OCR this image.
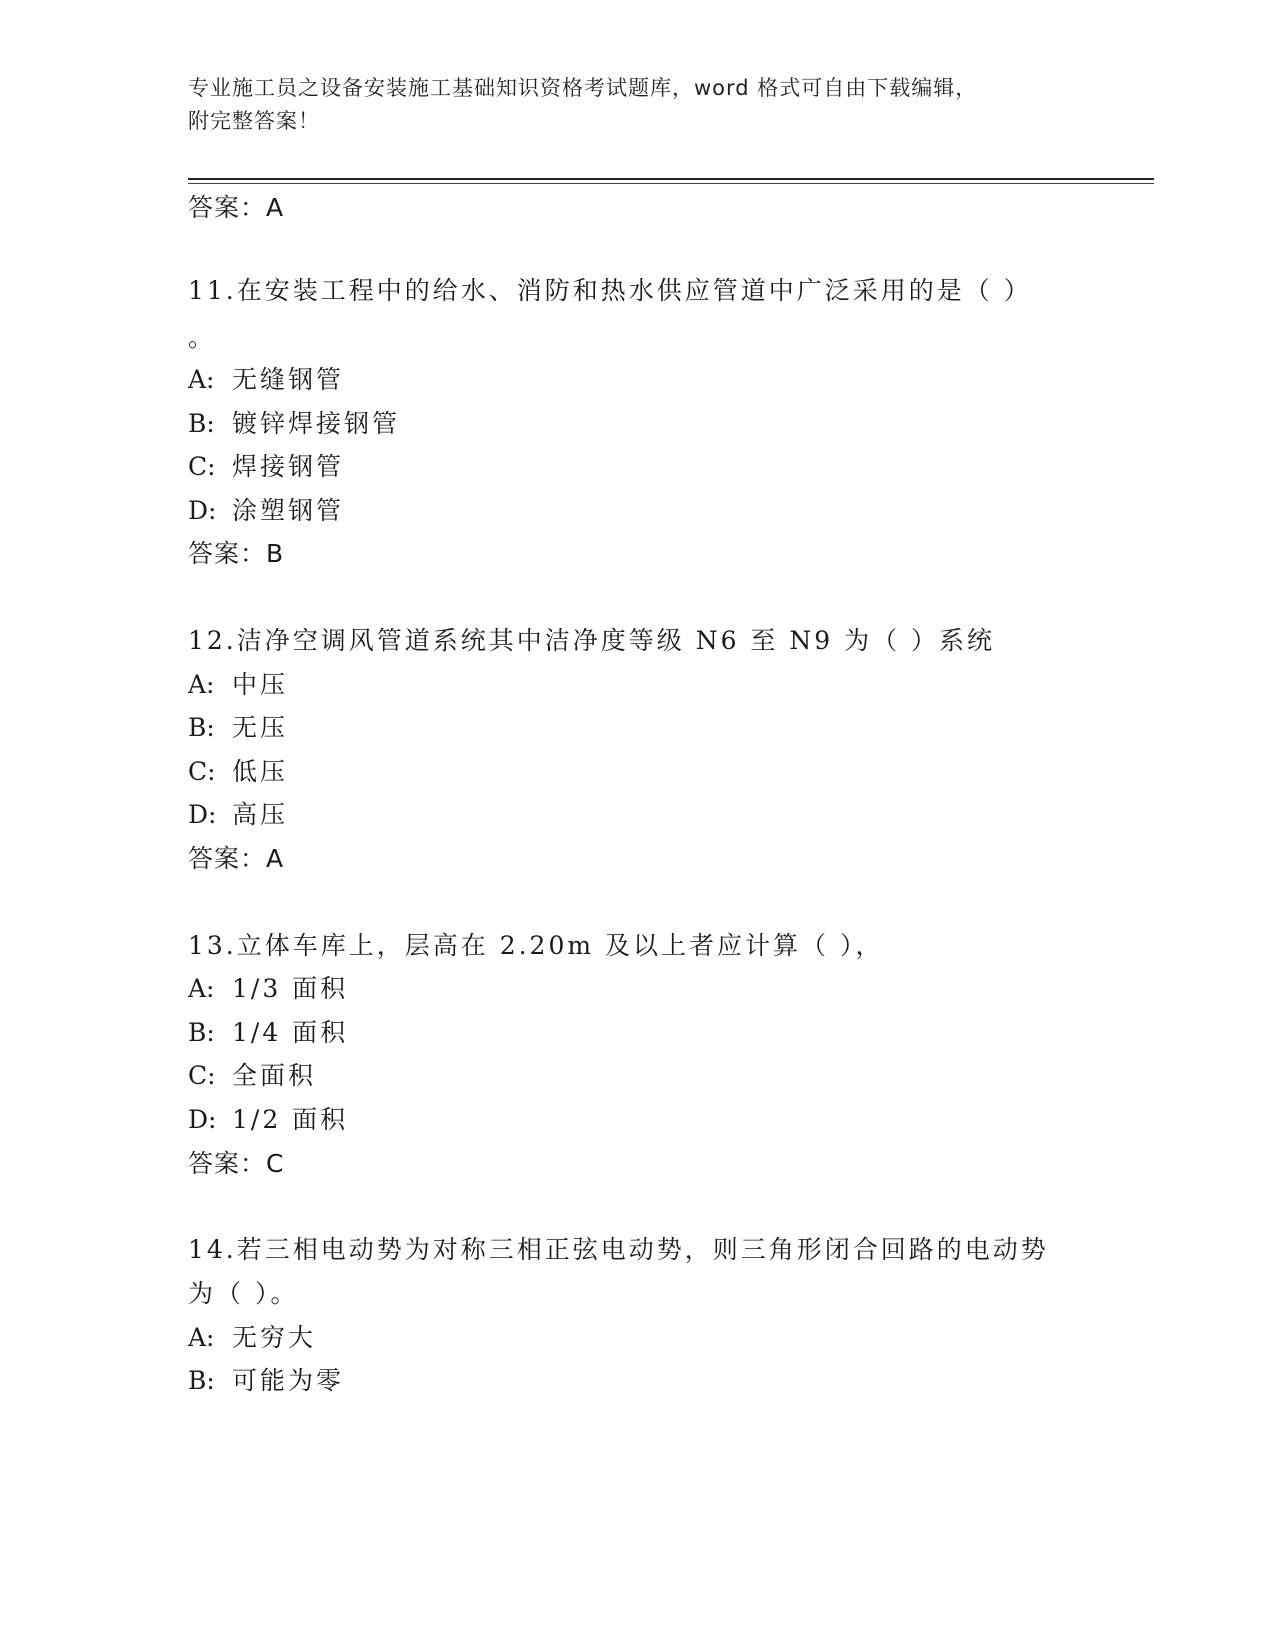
专业施工员之设备安装施工基础知识资格考试题库，word 格式可自由下载编辑，
附完整答案！
答案：A
11.在安装工程中的给水、消防和热水供应管道中广泛采用的是（ ）
。
A: 无缝钢管
B: 镀锌焊接钢管
C: 焊接钢管
D: 涂塑钢管
答案：B
12.洁净空调风管道系统其中洁净度等级 N6 至 N9 为（ ）系统
A: 中压
B: 无压
C: 低压
D: 高压
答案：A
13.立体车库上，层高在 2.20m 及以上者应计算（ ），
A: 1/3 面积
B: 1/4 面积
C: 全面积
D: 1/2 面积
答案：C
14.若三相电动势为对称三相正弦电动势，则三角形闭合回路的电动势
为（ ）。
A: 无穷大
B: 可能为零
